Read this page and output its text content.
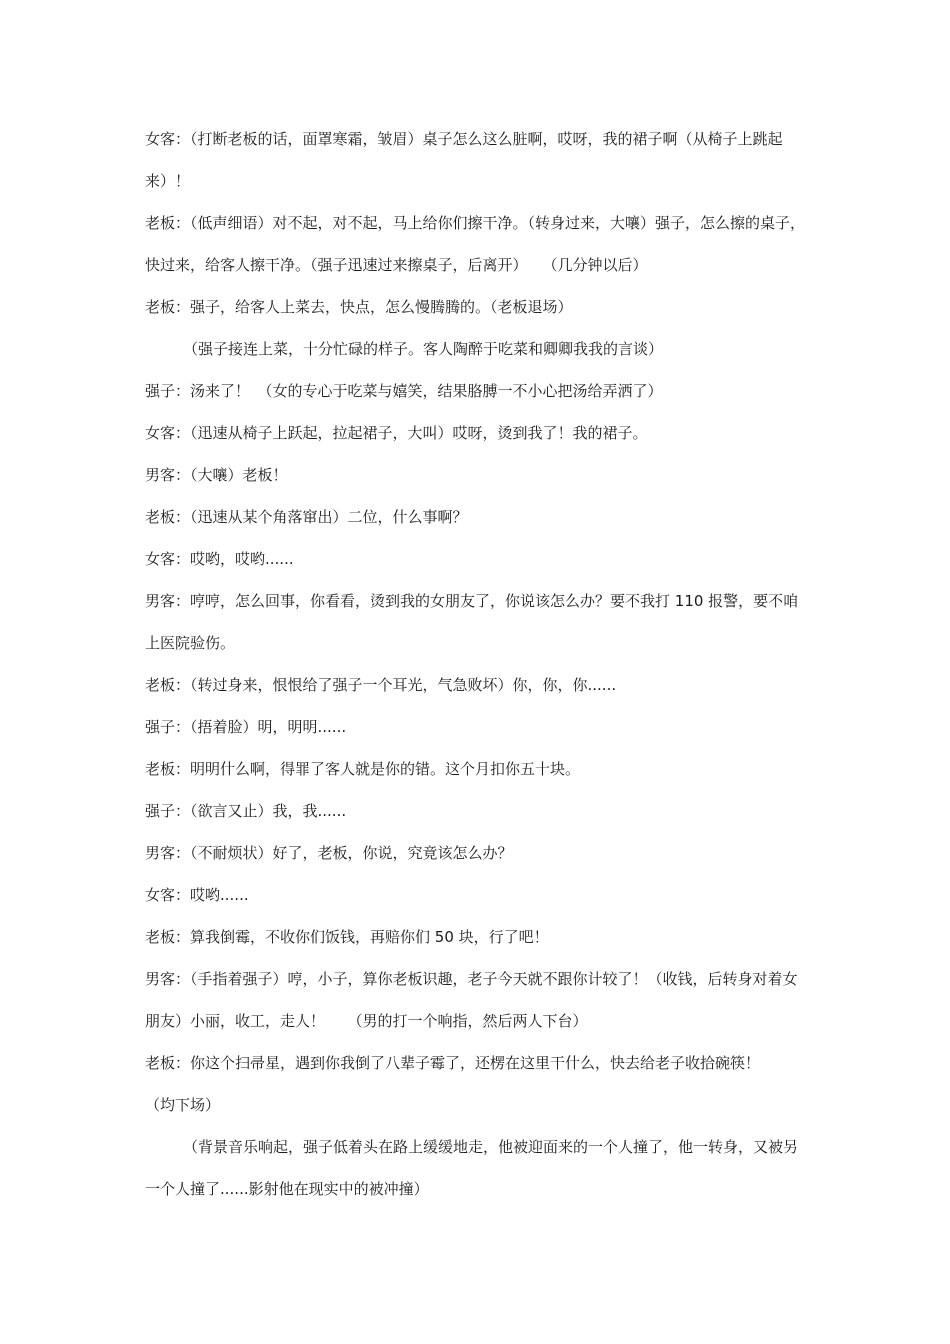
女客：（打断老板的话，面罩寒霜，皱眉）桌子怎么这么脏啊，哎呀，我的裙子啊（从椅子上跳起来）！

老板：（低声细语）对不起，对不起，马上给你们擦干净。（转身过来，大嚷）强子，怎么擦的桌子，快过来，给客人擦干净。（强子迅速过来擦桌子，后离开）　　（几分钟以后）

老板：强子，给客人上菜去，快点，怎么慢腾腾的。（老板退场）

（强子接连上菜，十分忙碌的样子。客人陶醉于吃菜和卿卿我我的言谈）

强子：汤来了！　（女的专心于吃菜与嬉笑，结果胳膊一不小心把汤给弄洒了）

女客：（迅速从椅子上跃起，拉起裙子，大叫）哎呀，烫到我了！我的裙子。

男客：（大嚷）老板！

老板：（迅速从某个角落窜出）二位，什么事啊？

女客：哎哟，哎哟......

男客：哼哼，怎么回事，你看看，烫到我的女朋友了，你说该怎么办？要不我打 110 报警，要不咱上医院验伤。

老板：（转过身来，恨恨给了强子一个耳光，气急败坏）你，你，你......

强子：（捂着脸）明，明明......

老板：明明什么啊，得罪了客人就是你的错。这个月扣你五十块。

强子：（欲言又止）我，我......

男客：（不耐烦状）好了，老板，你说，究竟该怎么办？

女客：哎哟......

老板：算我倒霉，不收你们饭钱，再赔你们 50 块，行了吧！

男客：（手指着强子）哼，小子，算你老板识趣，老子今天就不跟你计较了！（收钱，后转身对着女朋友）小丽，收工，走人！　　（男的打一个响指，然后两人下台）

老板：你这个扫帚星，遇到你我倒了八辈子霉了，还楞在这里干什么，快去给老子收拾碗筷！　　（均下场）

（背景音乐响起，强子低着头在路上缓缓地走，他被迎面来的一个人撞了，他一转身，又被另一个人撞了......影射他在现实中的被冲撞）
